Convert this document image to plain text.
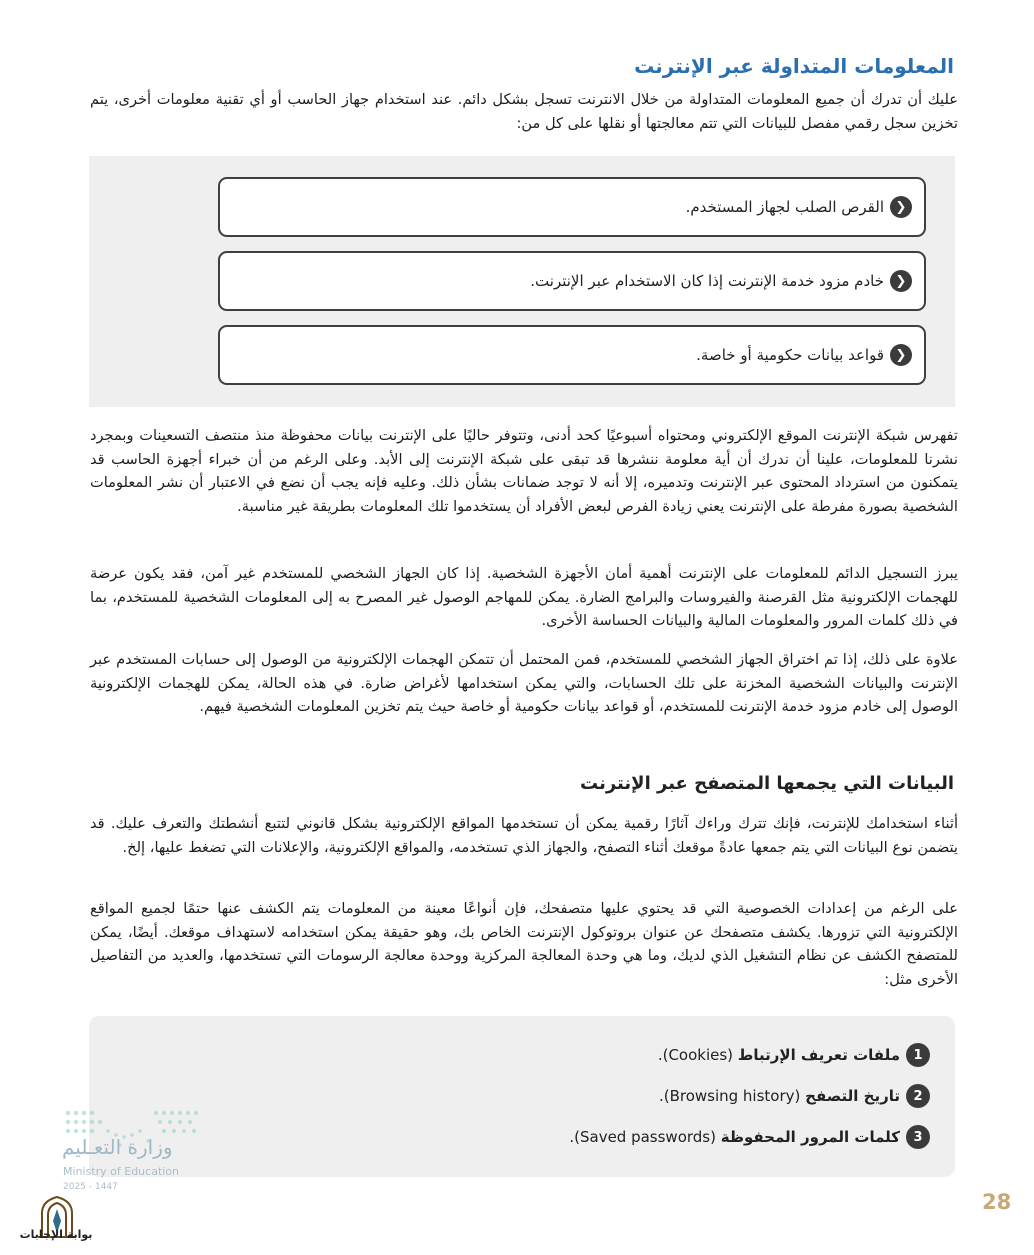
المعلومات المتداولة عبر الإنترنت
عليك أن تدرك أن جميع المعلومات المتداولة من خلال الانترنت تسجل بشكل دائم. عند استخدام جهاز الحاسب أو أي تقنية معلومات أخرى، يتم تخزين سجل رقمي مفصل للبيانات التي تتم معالجتها أو نقلها على كل من:
❮
القرص الصلب لجهاز المستخدم.
❮
خادم مزود خدمة الإنترنت إذا كان الاستخدام عبر الإنترنت.
❮
قواعد بيانات حكومية أو خاصة.
تفهرس شبكة الإنترنت الموقع الإلكتروني ومحتواه أسبوعيًا كحد أدنى، وتتوفر حاليًا على الإنترنت بيانات محفوظة منذ منتصف التسعينات وبمجرد نشرنا للمعلومات، علينا أن ندرك أن أية معلومة ننشرها قد تبقى على شبكة الإنترنت إلى الأبد. وعلى الرغم من أن خبراء أجهزة الحاسب قد يتمكنون من استرداد المحتوى عبر الإنترنت وتدميره، إلا أنه لا توجد ضمانات بشأن ذلك. وعليه فإنه يجب أن نضع في الاعتبار أن نشر المعلومات الشخصية بصورة مفرطة على الإنترنت يعني زيادة الفرص لبعض الأفراد أن يستخدموا تلك المعلومات بطريقة غير مناسبة.
يبرز التسجيل الدائم للمعلومات على الإنترنت أهمية أمان الأجهزة الشخصية. إذا كان الجهاز الشخصي للمستخدم غير آمن، فقد يكون عرضة للهجمات الإلكترونية مثل القرصنة والفيروسات والبرامج الضارة. يمكن للمهاجم الوصول غير المصرح به إلى المعلومات الشخصية للمستخدم، بما في ذلك كلمات المرور والمعلومات المالية والبيانات الحساسة الأخرى.
علاوة على ذلك، إذا تم اختراق الجهاز الشخصي للمستخدم، فمن المحتمل أن تتمكن الهجمات الإلكترونية من الوصول إلى حسابات المستخدم عبر الإنترنت والبيانات الشخصية المخزنة على تلك الحسابات، والتي يمكن استخدامها لأغراض ضارة. في هذه الحالة، يمكن للهجمات الإلكترونية الوصول إلى خادم مزود خدمة الإنترنت للمستخدم، أو قواعد بيانات حكومية أو خاصة حيث يتم تخزين المعلومات الشخصية فيهم.
البيانات التي يجمعها المتصفح عبر الإنترنت
أثناء استخدامك للإنترنت، فإنك تترك وراءك آثارًا رقمية يمكن أن تستخدمها المواقع الإلكترونية بشكل قانوني لتتبع أنشطتك والتعرف عليك. قد يتضمن نوع البيانات التي يتم جمعها عادةً موقعك أثناء التصفح، والجهاز الذي تستخدمه، والمواقع الإلكترونية، والإعلانات التي تضغط عليها، إلخ.
على الرغم من إعدادات الخصوصية التي قد يحتوي عليها متصفحك، فإن أنواعًا معينة من المعلومات يتم الكشف عنها حتمًا لجميع المواقع الإلكترونية التي تزورها. يكشف متصفحك عن عنوان بروتوكول الإنترنت الخاص بك، وهو حقيقة يمكن استخدامه لاستهداف موقعك. أيضًا، يمكن للمتصفح الكشف عن نظام التشغيل الذي لديك، وما هي وحدة المعالجة المركزية ووحدة معالجة الرسومات التي تستخدمها، والعديد من التفاصيل الأخرى مثل:
1
ملفات تعريف الإرتباط (Cookies).
2
تاريخ التصفح (Browsing history).
3
كلمات المرور المحفوظة (Saved passwords).
وزارة التعـليم
Ministry of Education
2025 - 1447
بوابة الإجابات
28
